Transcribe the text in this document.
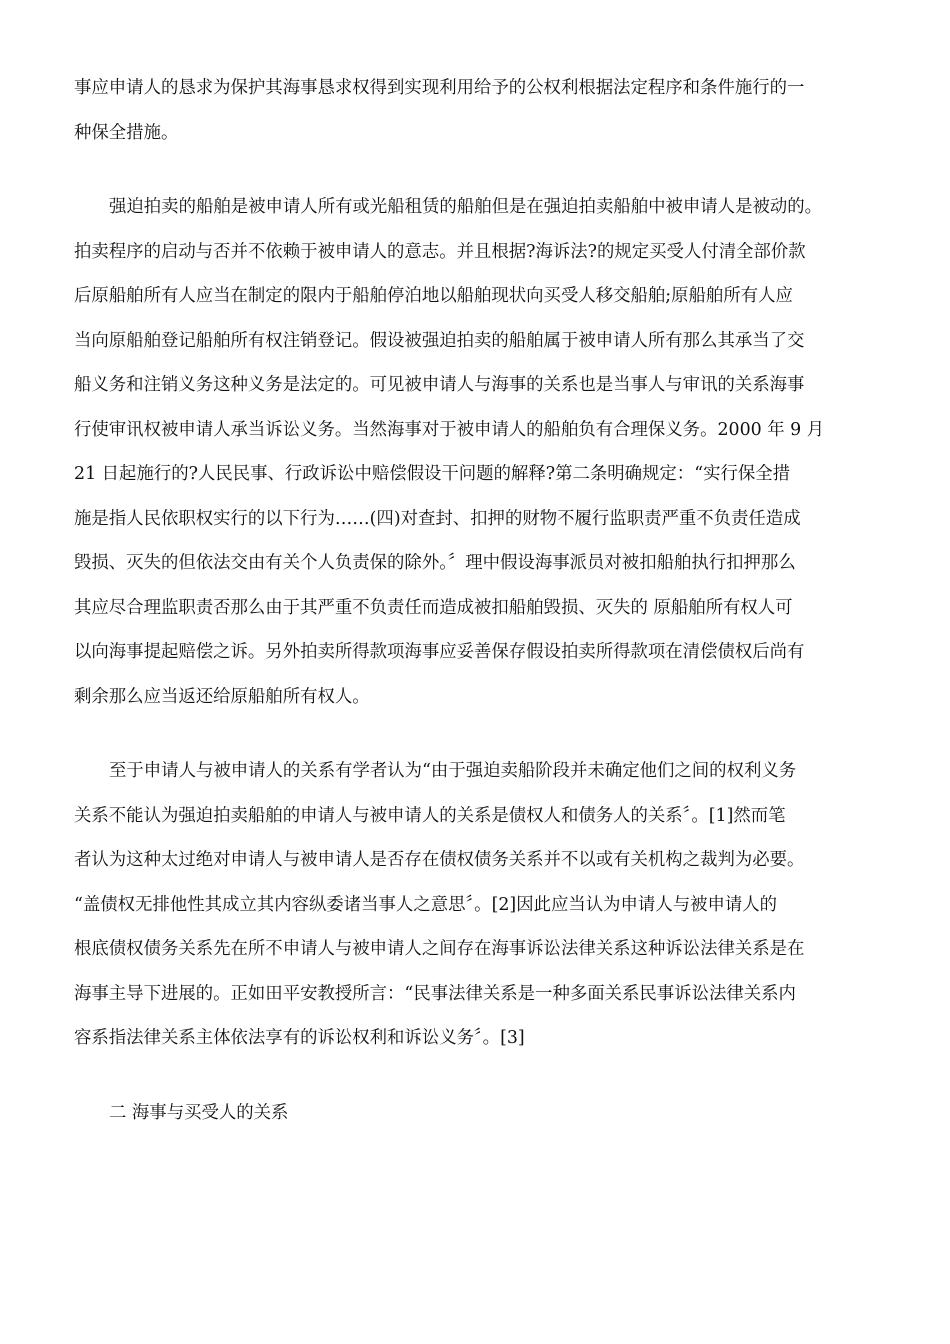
事应申请人的恳求为保护其海事恳求权得到实现利用给予的公权利根据法定程序和条件施行的一
种保全措施。
强迫拍卖的船舶是被申请人所有或光船租赁的船舶但是在强迫拍卖船舶中被申请人是被动的。
拍卖程序的启动与否并不依赖于被申请人的意志。并且根据?海诉法?的规定买受人付清全部价款
后原船舶所有人应当在制定的限内于船舶停泊地以船舶现状向买受人移交船舶;原船舶所有人应
当向原船舶登记船舶所有权注销登记。假设被强迫拍卖的船舶属于被申请人所有那么其承当了交
船义务和注销义务这种义务是法定的。可见被申请人与海事的关系也是当事人与审讯的关系海事
行使审讯权被申请人承当诉讼义务。当然海事对于被申请人的船舶负有合理保义务。2000 年 9 月
21 日起施行的?人民民事、行政诉讼中赔偿假设干问题的解释?第二条明确规定：“实行保全措
施是指人民依职权实行的以下行为……(四)对查封、扣押的财物不履行监职责严重不负责任造成
毁损、灭失的但依法交由有关个人负责保的除外。〞理中假设海事派员对被扣船舶执行扣押那么
其应尽合理监职责否那么由于其严重不负责任而造成被扣船舶毁损、灭失的 原船舶所有权人可
以向海事提起赔偿之诉。另外拍卖所得款项海事应妥善保存假设拍卖所得款项在清偿债权后尚有
剩余那么应当返还给原船舶所有权人。
至于申请人与被申请人的关系有学者认为“由于强迫卖船阶段并未确定他们之间的权利义务
关系不能认为强迫拍卖船舶的申请人与被申请人的关系是债权人和债务人的关系〞。[1]然而笔
者认为这种太过绝对申请人与被申请人是否存在债权债务关系并不以或有关机构之裁判为必要。
“盖债权无排他性其成立其内容纵委诸当事人之意思〞。[2]因此应当认为申请人与被申请人的
根底债权债务关系先在所不申请人与被申请人之间存在海事诉讼法律关系这种诉讼法律关系是在
海事主导下进展的。正如田平安教授所言：“民事法律关系是一种多面关系民事诉讼法律关系内
容系指法律关系主体依法享有的诉讼权利和诉讼义务〞。[3]
二 海事与买受人的关系
